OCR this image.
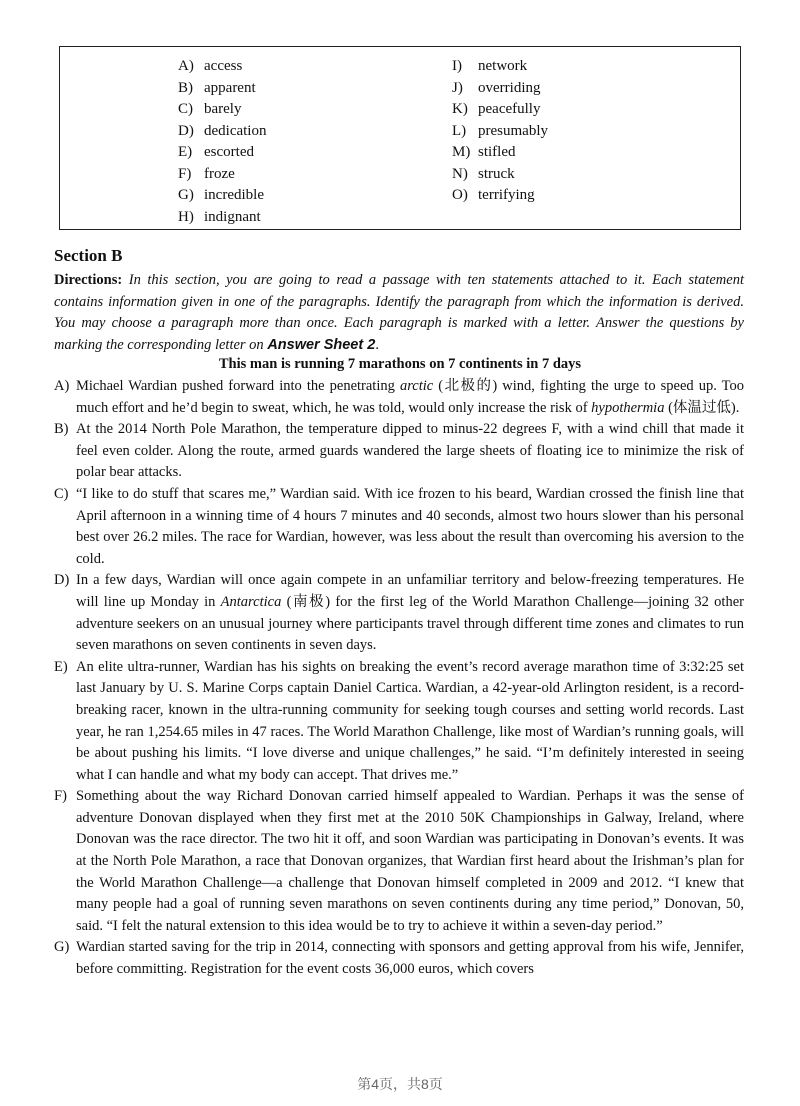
A) access
B) apparent
C) barely
D) dedication
E) escorted
F) froze
G) incredible
H) indignant
I) network
J) overriding
K) peacefully
L) presumably
M) stifled
N) struck
O) terrifying
Section B
Directions: In this section, you are going to read a passage with ten statements attached to it. Each statement contains information given in one of the paragraphs. Identify the paragraph from which the information is derived. You may choose a paragraph more than once. Each paragraph is marked with a letter. Answer the questions by marking the corresponding letter on Answer Sheet 2.
This man is running 7 marathons on 7 continents in 7 days
A) Michael Wardian pushed forward into the penetrating arctic (北极的) wind, fighting the urge to speed up. Too much effort and he’d begin to sweat, which, he was told, would only increase the risk of hypothermia (体温过低).
B) At the 2014 North Pole Marathon, the temperature dipped to minus-22 degrees F, with a wind chill that made it feel even colder. Along the route, armed guards wandered the large sheets of floating ice to minimize the risk of polar bear attacks.
C) “I like to do stuff that scares me,” Wardian said. With ice frozen to his beard, Wardian crossed the finish line that April afternoon in a winning time of 4 hours 7 minutes and 40 seconds, almost two hours slower than his personal best over 26.2 miles. The race for Wardian, however, was less about the result than overcoming his aversion to the cold.
D) In a few days, Wardian will once again compete in an unfamiliar territory and below-freezing temperatures. He will line up Monday in Antarctica (南极) for the first leg of the World Marathon Challenge—joining 32 other adventure seekers on an unusual journey where participants travel through different time zones and climates to run seven marathons on seven continents in seven days.
E) An elite ultra-runner, Wardian has his sights on breaking the event’s record average marathon time of 3:32:25 set last January by U. S. Marine Corps captain Daniel Cartica. Wardian, a 42-year-old Arlington resident, is a record-breaking racer, known in the ultra-running community for seeking tough courses and setting world records. Last year, he ran 1,254.65 miles in 47 races. The World Marathon Challenge, like most of Wardian’s running goals, will be about pushing his limits. “I love diverse and unique challenges,” he said. “I’m definitely interested in seeing what I can handle and what my body can accept. That drives me.”
F) Something about the way Richard Donovan carried himself appealed to Wardian. Perhaps it was the sense of adventure Donovan displayed when they first met at the 2010 50K Championships in Galway, Ireland, where Donovan was the race director. The two hit it off, and soon Wardian was participating in Donovan’s events. It was at the North Pole Marathon, a race that Donovan organizes, that Wardian first heard about the Irishman’s plan for the World Marathon Challenge—a challenge that Donovan himself completed in 2009 and 2012. “I knew that many people had a goal of running seven marathons on seven continents during any time period,” Donovan, 50, said. “I felt the natural extension to this idea would be to try to achieve it within a seven-day period.”
G) Wardian started saving for the trip in 2014, connecting with sponsors and getting approval from his wife, Jennifer, before committing. Registration for the event costs 36,000 euros, which covers
第4页，共8页
